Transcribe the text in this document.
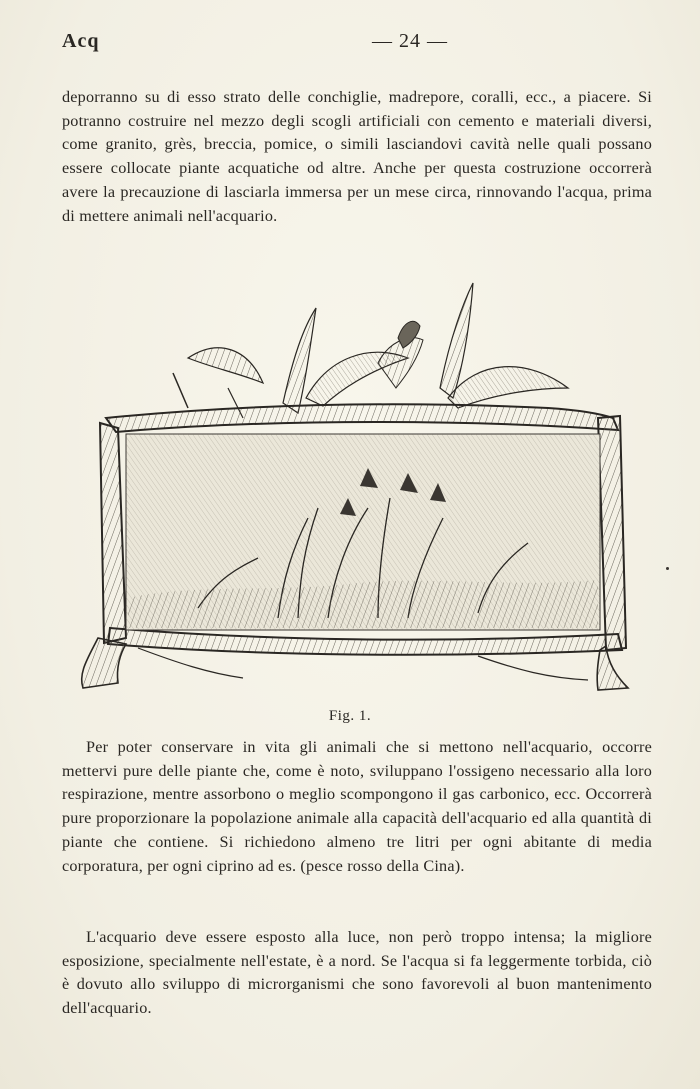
Acq	— 24 —

deporranno su di esso strato delle conchiglie, madrepore, coralli, ecc., a piacere. Si potranno costruire nel mezzo degli scogli artificiali con cemento e materiali diversi, come granito, grès, breccia, pomice, o simili lasciandovi cavità nelle quali possano essere collocate piante acquatiche od altre. Anche per questa costruzione occorrerà avere la precauzione di lasciarla immersa per un mese circa, rinnovando l'acqua, prima di mettere animali nell'acquario.

Fig. 1.

Per poter conservare in vita gli animali che si mettono nell'acquario, occorre mettervi pure delle piante che, come è noto, sviluppano l'ossigeno necessario alla loro respirazione, mentre assorbono o meglio scompongono il gas carbonico, ecc. Occorrerà pure proporzionare la popolazione animale alla capacità dell'acquario ed alla quantità di piante che contiene. Si richiedono almeno tre litri per ogni abitante di media corporatura, per ogni ciprino ad es. (pesce rosso della Cina).

L'acquario deve essere esposto alla luce, non però troppo intensa; la migliore esposizione, specialmente nell'estate, è a nord. Se l'acqua si fa leggermente torbida, ciò è dovuto allo sviluppo di microrganismi che sono favorevoli al buon mantenimento dell'acquario.
